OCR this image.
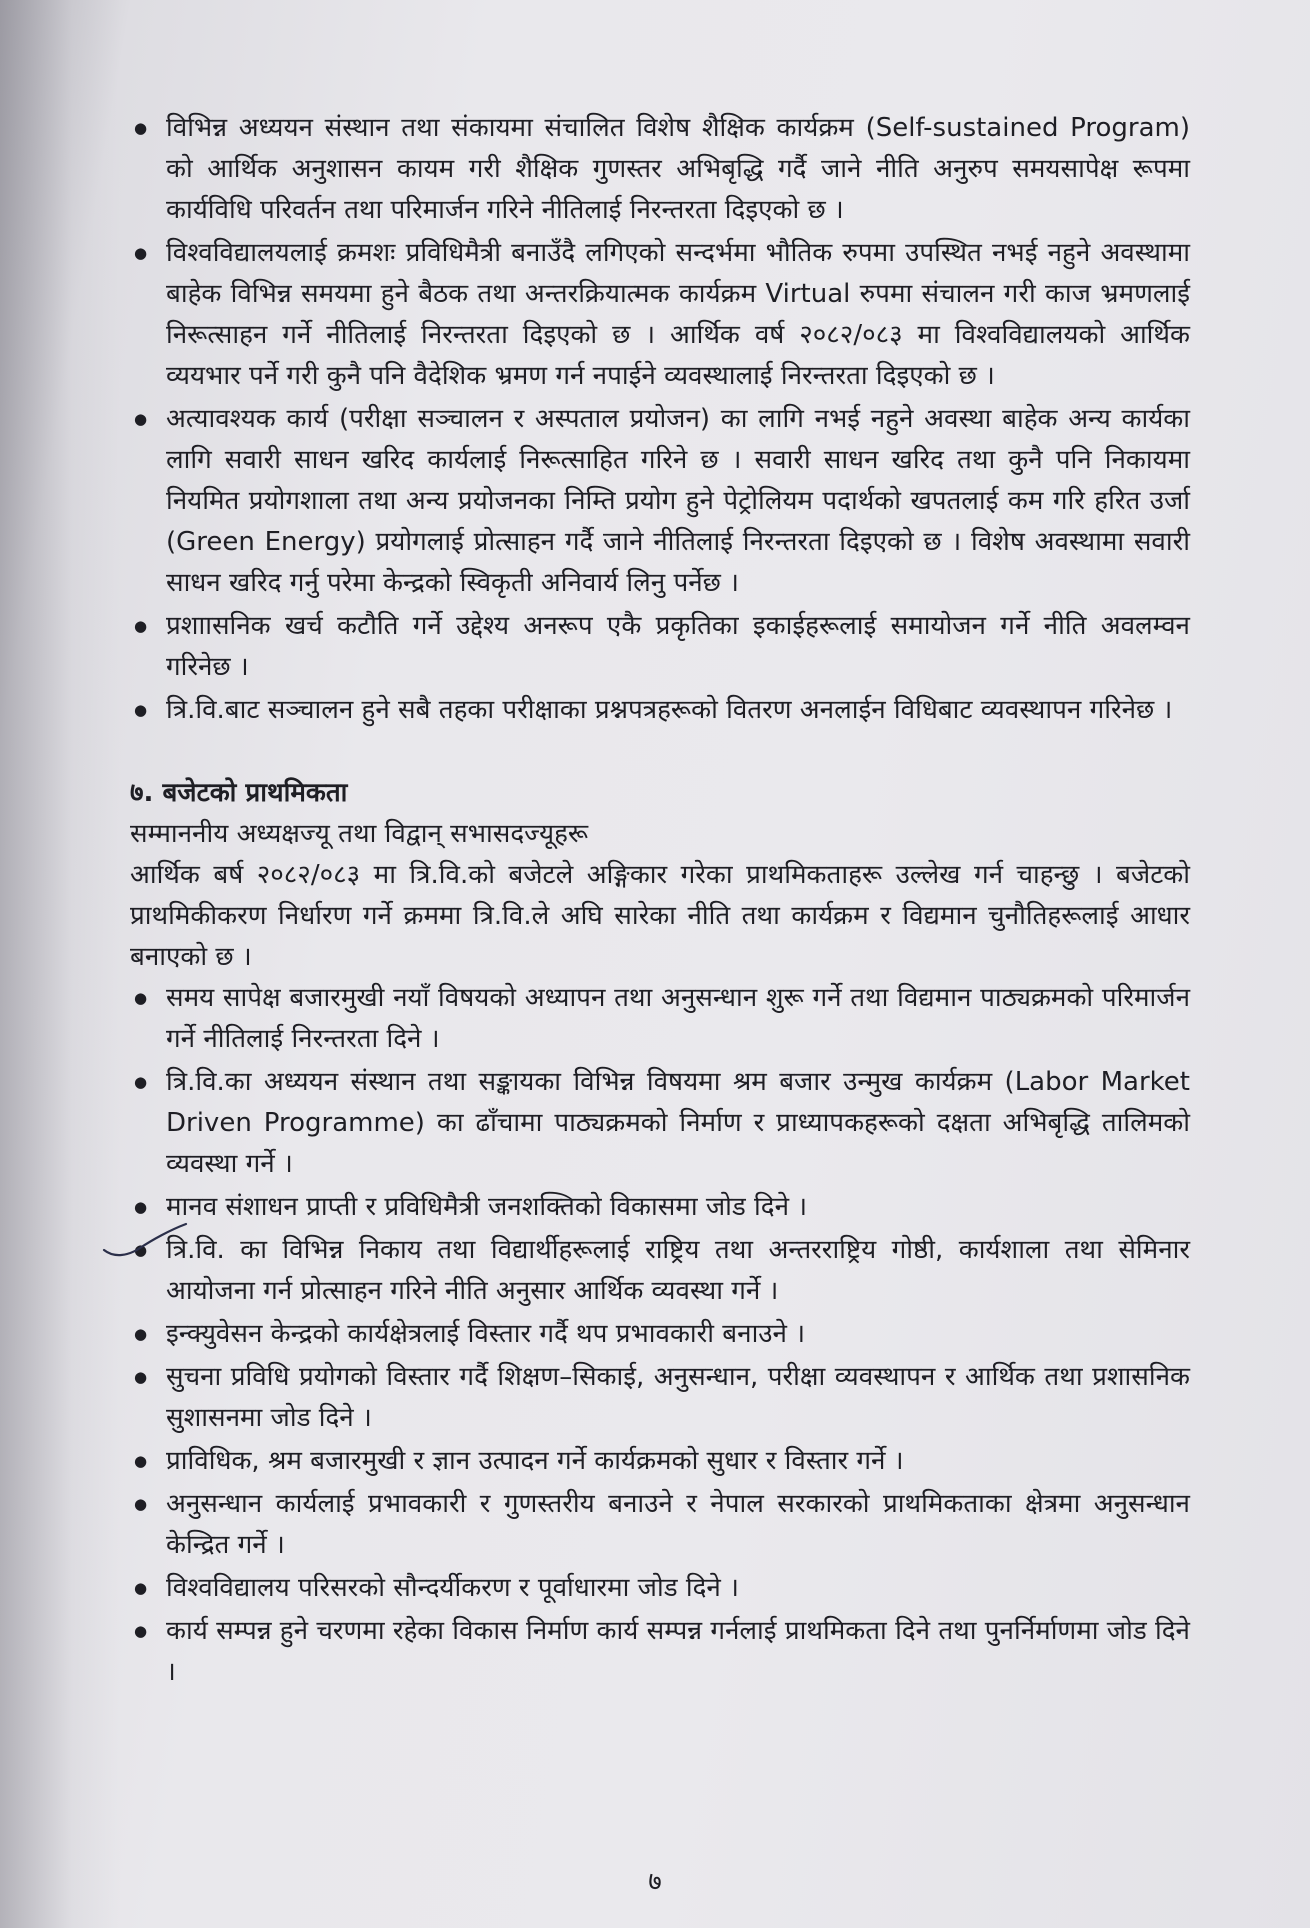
● विभिन्न अध्ययन संस्थान तथा संकायमा संचालित विशेष शैक्षिक कार्यक्रम (Self-sustained Program) को आर्थिक अनुशासन कायम गरी शैक्षिक गुणस्तर अभिबृद्धि गर्दै जाने नीति अनुरुप समयसापेक्ष रूपमा कार्यविधि परिवर्तन तथा परिमार्जन गरिने नीतिलाई निरन्तरता दिइएको छ ।
● विश्वविद्यालयलाई क्रमशः प्रविधिमैत्री बनाउँदै लगिएको सन्दर्भमा भौतिक रुपमा उपस्थित नभई नहुने अवस्थामा बाहेक विभिन्न समयमा हुने बैठक तथा अन्तरक्रियात्मक कार्यक्रम Virtual रुपमा संचालन गरी काज भ्रमणलाई निरूत्साहन गर्ने नीतिलाई निरन्तरता दिइएको छ । आर्थिक वर्ष २०८२/०८३ मा विश्वविद्यालयको आर्थिक व्ययभार पर्ने गरी कुनै पनि वैदेशिक भ्रमण गर्न नपाईने व्यवस्थालाई निरन्तरता दिइएको छ ।
● अत्यावश्यक कार्य (परीक्षा सञ्चालन र अस्पताल प्रयोजन) का लागि नभई नहुने अवस्था बाहेक अन्य कार्यका लागि सवारी साधन खरिद कार्यलाई निरूत्साहित गरिने छ । सवारी साधन खरिद तथा कुनै पनि निकायमा नियमित प्रयोगशाला तथा अन्य प्रयोजनका निम्ति प्रयोग हुने पेट्रोलियम पदार्थको खपतलाई कम गरि हरित उर्जा (Green Energy) प्रयोगलाई प्रोत्साहन गर्दै जाने नीतिलाई निरन्तरता दिइएको छ । विशेष अवस्थामा सवारी साधन खरिद गर्नु परेमा केन्द्रको स्विकृती अनिवार्य लिनु पर्नेछ ।
● प्रशाासनिक खर्च कटौति गर्ने उद्देश्य अनरूप एकै प्रकृतिका इकाईहरूलाई समायोजन गर्ने नीति अवलम्वन गरिनेछ ।
● त्रि.वि.बाट सञ्चालन हुने सबै तहका परीक्षाका प्रश्नपत्रहरूको वितरण अनलाईन विधिबाट व्यवस्थापन गरिनेछ ।

७. बजेटको प्राथमिकता

सम्माननीय अध्यक्षज्यू तथा विद्वान् सभासदज्यूहरू

आर्थिक बर्ष २०८२/०८३ मा त्रि.वि.को बजेटले अङ्गिकार गरेका प्राथमिकताहरू उल्लेख गर्न चाहन्छु । बजेटको प्राथमिकीकरण निर्धारण गर्ने क्रममा त्रि.वि.ले अघि सारेका नीति तथा कार्यक्रम र विद्यमान चुनौतिहरूलाई आधार बनाएको छ ।

● समय सापेक्ष बजारमुखी नयाँ विषयको अध्यापन तथा अनुसन्धान शुरू गर्ने तथा विद्यमान पाठ्यक्रमको परिमार्जन गर्ने नीतिलाई निरन्तरता दिने ।
● त्रि.वि.का अध्ययन संस्थान तथा सङ्कायका विभिन्न विषयमा श्रम बजार उन्मुख कार्यक्रम (Labor Market Driven Programme) का ढाँचामा पाठ्यक्रमको निर्माण र प्राध्यापकहरूको दक्षता अभिबृद्धि तालिमको व्यवस्था गर्ने ।
● मानव संशाधन प्राप्ती र प्रविधिमैत्री जनशक्तिको विकासमा जोड दिने ।
● त्रि.वि. का विभिन्न निकाय तथा विद्यार्थीहरूलाई राष्ट्रिय तथा अन्तरराष्ट्रिय गोष्ठी, कार्यशाला तथा सेमिनार आयोजना गर्न प्रोत्साहन गरिने नीति अनुसार आर्थिक व्यवस्था गर्ने ।
● इन्क्युवेसन केन्द्रको कार्यक्षेत्रलाई विस्तार गर्दै थप प्रभावकारी बनाउने ।
● सुचना प्रविधि प्रयोगको विस्तार गर्दै शिक्षण–सिकाई, अनुसन्धान, परीक्षा व्यवस्थापन र आर्थिक तथा प्रशासनिक सुशासनमा जोड दिने ।
● प्राविधिक, श्रम बजारमुखी र ज्ञान उत्पादन गर्ने कार्यक्रमको सुधार र विस्तार गर्ने ।
● अनुसन्धान कार्यलाई प्रभावकारी र गुणस्तरीय बनाउने र नेपाल सरकारको प्राथमिकताका क्षेत्रमा अनुसन्धान केन्द्रित गर्ने ।
● विश्वविद्यालय परिसरको सौन्दर्यीकरण र पूर्वाधारमा जोड दिने ।
● कार्य सम्पन्न हुने चरणमा रहेका विकास निर्माण कार्य सम्पन्न गर्नलाई प्राथमिकता दिने तथा पुनर्निर्माणमा जोड दिने ।
७
